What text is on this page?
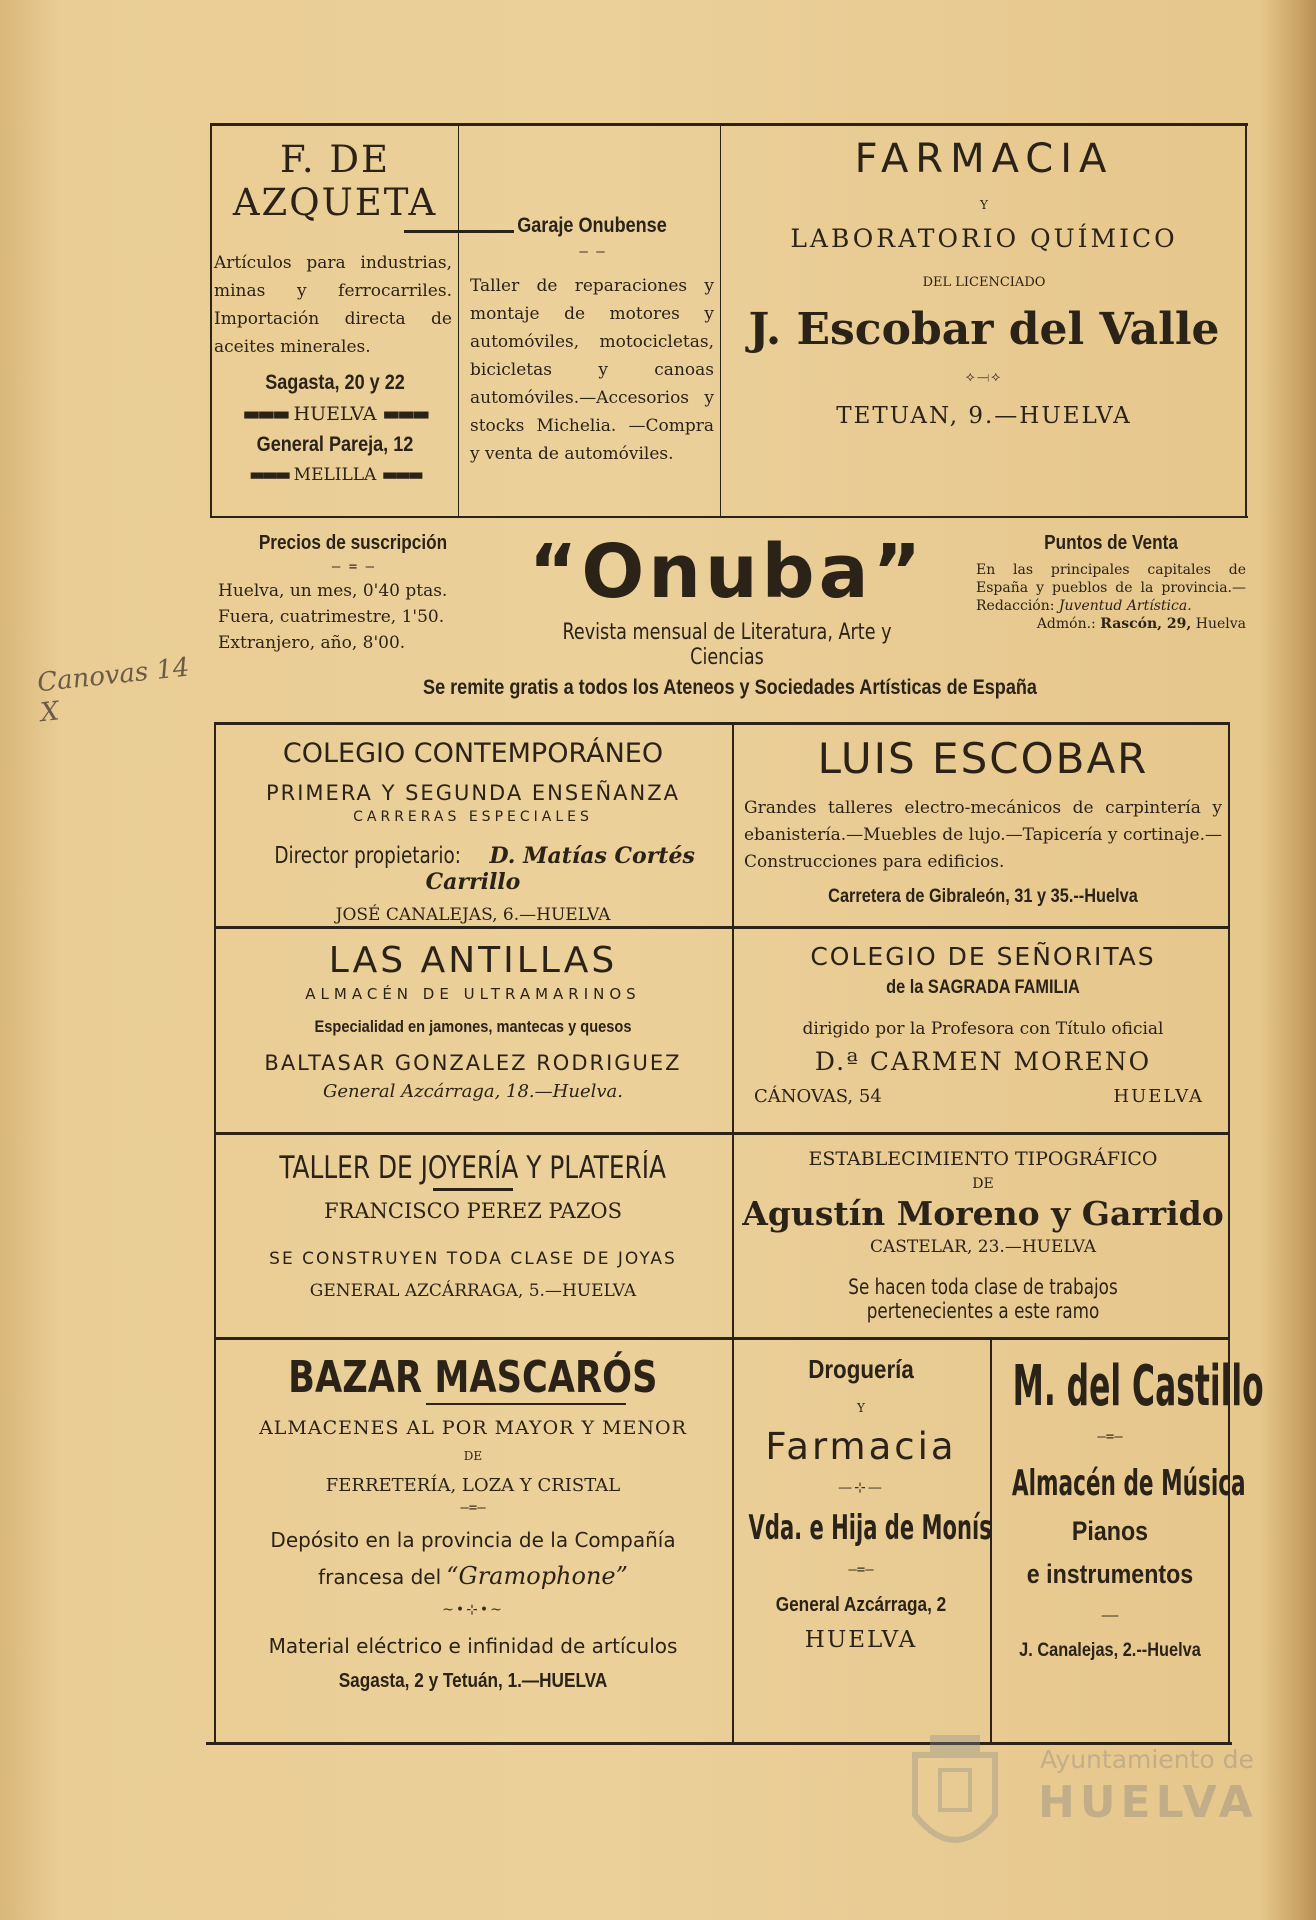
Canovas 14 X
F. DE AZQUETA

Artículos para industrias, minas y ferrocarriles. Importación directa de aceites minerales.

Sagasta, 20 y 22
▬▬▬ HUELVA ▬▬▬
General Pareja, 12
▬▬▬ MELILLA ▬▬▬
Garaje Onubense
— —

Taller de reparaciones y montaje de motores y automóviles, motocicletas, bicicletas y canoas automóviles.—Accesorios y stocks Michelia. —Compra y venta de automóviles.

FARMACIA
Y
LABORATORIO QUÍMICO
DEL LICENCIADO
J. Escobar del Valle
⟡⟞⟡
TETUAN, 9.—HUELVA
Precios de suscripción
— = —
Huelva, un mes, 0'40 ptas.
Fuera, cuatrimestre, 1'50.
Extranjero, año, 8'00.
“Onuba”
Revista mensual de Literatura, Arte y Ciencias
Puntos de Venta

En las principales capitales de España y pueblos de la provincia.—Redacción: Juventud Artística.

Admón.: Rascón, 29, Huelva

Se remite gratis a todos los Ateneos y Sociedades Artísticas de España
COLEGIO CONTEMPORÁNEO
PRIMERA Y SEGUNDA ENSEÑANZA
CARRERAS ESPECIALES
Director propietario: D. Matías Cortés Carrillo
JOSÉ CANALEJAS, 6.—HUELVA
LUIS ESCOBAR

Grandes talleres electro-mecánicos de carpintería y ebanistería.—Muebles de lujo.—Tapicería y cortinaje.—Construcciones para edificios.

Carretera de Gibraleón, 31 y 35.--Huelva
LAS ANTILLAS
ALMACÉN DE ULTRAMARINOS
Especialidad en jamones, mantecas y quesos
BALTASAR GONZALEZ RODRIGUEZ
General Azcárraga, 18.—Huelva.
COLEGIO DE SEÑORITAS
de la SAGRADA FAMILIA
dirigido por la Profesora con Título oficial
D.ª CARMEN MORENO
CÁNOVAS, 54	HUELVA
TALLER DE JOYERÍA Y PLATERÍA
FRANCISCO PEREZ PAZOS
SE CONSTRUYEN TODA CLASE DE JOYAS
GENERAL AZCÁRRAGA, 5.—HUELVA
ESTABLECIMIENTO TIPOGRÁFICO
DE
Agustín Moreno y Garrido
CASTELAR, 23.—HUELVA
Se hacen toda clase de trabajos pertenecientes a este ramo
BAZAR MASCARÓS
ALMACENES AL POR MAYOR Y MENOR
DE
FERRETERÍA, LOZA Y CRISTAL
—=—
Depósito en la provincia de la Compañía
francesa del “Gramophone”
~•⊹•~
Material eléctrico e infinidad de artículos
Sagasta, 2 y Tetuán, 1.—HUELVA
Droguería
Y
Farmacia
—⊹—
Vda. e Hija de Monís
—=—
General Azcárraga, 2
HUELVA
M. del Castillo
—=—
Almacén de Música
Pianos
e instrumentos
——
J. Canalejas, 2.--Huelva
Ayuntamiento de
HUELVA
